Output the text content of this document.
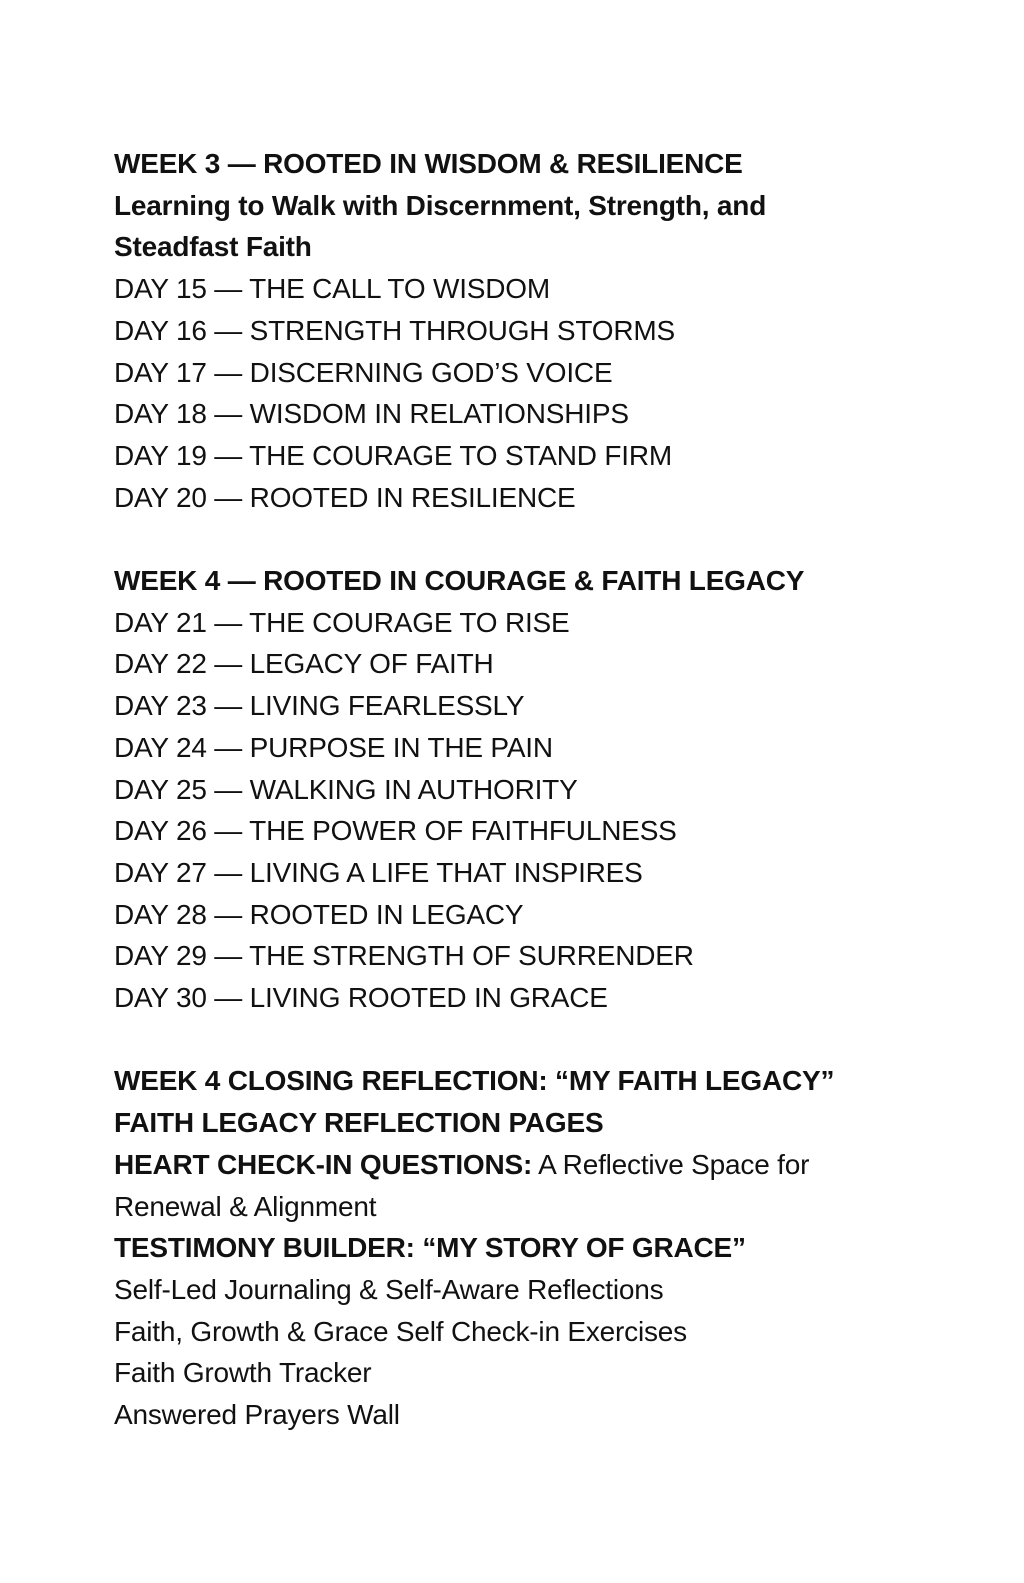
WEEK 3 — ROOTED IN WISDOM & RESILIENCE
Learning to Walk with Discernment, Strength, and Steadfast Faith
DAY 15 — THE CALL TO WISDOM
DAY 16 — STRENGTH THROUGH STORMS
DAY 17 — DISCERNING GOD’S VOICE
DAY 18 — WISDOM IN RELATIONSHIPS
DAY 19 — THE COURAGE TO STAND FIRM
DAY 20 — ROOTED IN RESILIENCE
WEEK 4 — ROOTED IN COURAGE & FAITH LEGACY
DAY 21 — THE COURAGE TO RISE
DAY 22 — LEGACY OF FAITH
DAY 23 — LIVING FEARLESSLY
DAY 24 — PURPOSE IN THE PAIN
DAY 25 — WALKING IN AUTHORITY
DAY 26 — THE POWER OF FAITHFULNESS
DAY 27 — LIVING A LIFE THAT INSPIRES
DAY 28 — ROOTED IN LEGACY
DAY 29 — THE STRENGTH OF SURRENDER
DAY 30 — LIVING ROOTED IN GRACE
WEEK 4 CLOSING REFLECTION: “MY FAITH LEGACY”
FAITH LEGACY REFLECTION PAGES
HEART CHECK-IN QUESTIONS: A Reflective Space for Renewal & Alignment
TESTIMONY BUILDER: “MY STORY OF GRACE”
Self-Led Journaling & Self-Aware Reflections
Faith, Growth & Grace Self Check-in Exercises
Faith Growth Tracker
Answered Prayers Wall
